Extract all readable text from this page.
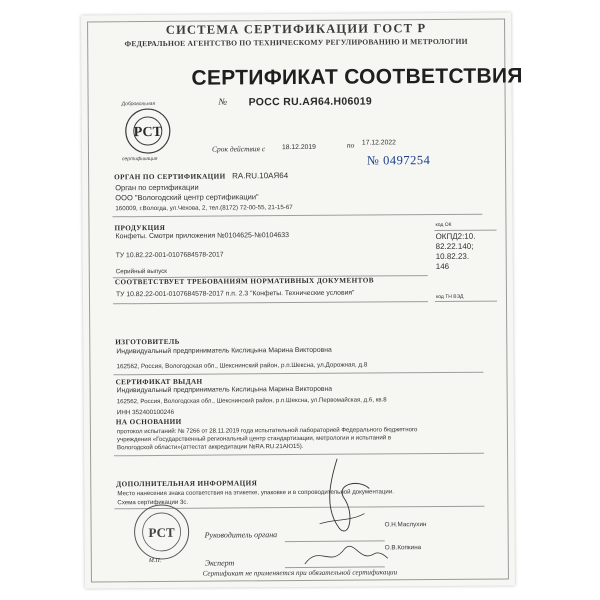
СИСТЕМА СЕРТИФИКАЦИИ ГОСТ Р
ФЕДЕРАЛЬНОЕ АГЕНТСТВО ПО ТЕХНИЧЕСКОМУ РЕГУЛИРОВАНИЮ И МЕТРОЛОГИИ
РСТ
Добровольная
сертификация
СЕРТИФИКАТ СООТВЕТСТВИЯ
№ РОСС RU.АЯ64.Н06019
Срок действия с 18.12.2019	по 17.12.2022
№ 0497254
ОРГАН ПО СЕРТИФИКАЦИИ RA.RU.10АЯ64
Орган по сертификации
ООО "Вологодский центр сертификации"
160009, г.Вологда, ул.Чехова, 2, тел.(8172) 72-00-55, 21-15-67
ПРОДУКЦИЯ
Конфеты. Смотри приложения №0104625-№0104633
ТУ 10.82.22-001-0107684578-2017
Серийный выпуск
код ОК
ОКПД2:10.
82.22.140;
10.82.23.
146
СООТВЕТСТВУЕТ ТРЕБОВАНИЯМ НОРМАТИВНЫХ ДОКУМЕНТОВ
ТУ 10.82.22-001-0107684578-2017 п.п. 2.3 "Конфеты. Технические условия"	код ТН ВЭД
ИЗГОТОВИТЕЛЬ
Индивидуальный предприниматель Кислицына Марина Викторовна
162562, Россия, Вологодская обл., Шекснинский район, р.п.Шексна, ул.Дорожная, д.8
СЕРТИФИКАТ ВЫДАН
Индивидуальный предприниматель Кислицына Марина Викторовна
162562, Россия, Вологодская обл., Шекснинский район, р.п.Шексна, ул.Первомайская, д.6, кв.8
ИНН 352400100246
НА ОСНОВАНИИ
протокол испытаний: № 7266 от 28.11.2019 года испытательной лабораторией Федерального бюджетного
учреждения «Государственный региональный центр стандартизации, метрологии и испытаний в
Вологодской области»(аттестат аккредитации №RA.RU.21АЮ15).
ДОПОЛНИТЕЛЬНАЯ ИНФОРМАЦИЯ
Место нанесения знака соответствия на этикетке, упаковке и в сопроводительной документации.
Схема сертификации 3с.
Руководитель органа
О.Н.Маслухин
Эксперт
О.В.Копкина
РСТ
М.П.
Сертификат не применяется при обязательной сертификации
